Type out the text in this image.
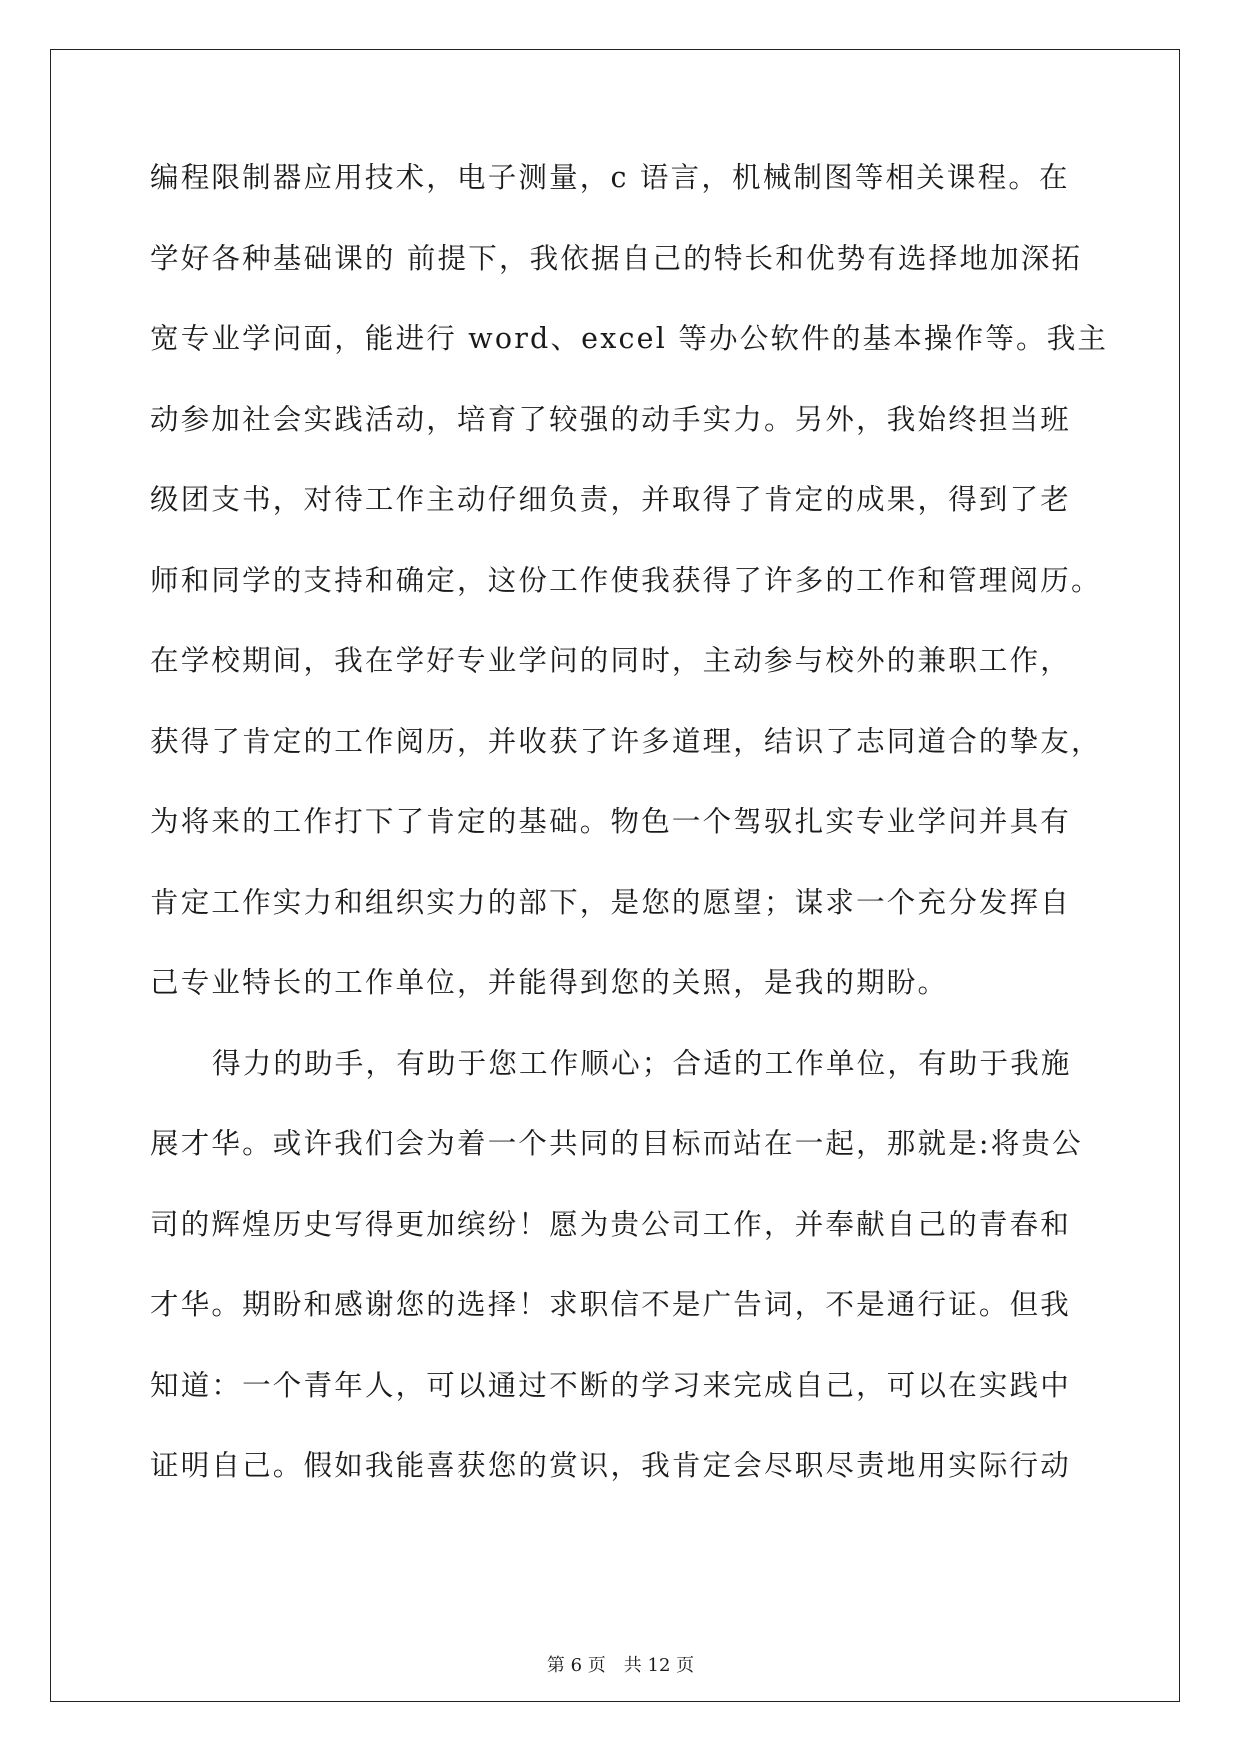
编程限制器应用技术，电子测量，c 语言，机械制图等相关课程。在
学好各种基础课的 前提下，我依据自己的特长和优势有选择地加深拓
宽专业学问面，能进行 word、excel 等办公软件的基本操作等。我主
动参加社会实践活动，培育了较强的动手实力。另外，我始终担当班
级团支书，对待工作主动仔细负责，并取得了肯定的成果，得到了老
师和同学的支持和确定，这份工作使我获得了许多的工作和管理阅历。
在学校期间，我在学好专业学问的同时，主动参与校外的兼职工作，
获得了肯定的工作阅历，并收获了许多道理，结识了志同道合的挚友，
为将来的工作打下了肯定的基础。物色一个驾驭扎实专业学问并具有
肯定工作实力和组织实力的部下，是您的愿望；谋求一个充分发挥自
己专业特长的工作单位，并能得到您的关照，是我的期盼。
得力的助手，有助于您工作顺心；合适的工作单位，有助于我施
展才华。或许我们会为着一个共同的目标而站在一起，那就是:将贵公
司的辉煌历史写得更加缤纷！愿为贵公司工作，并奉献自己的青春和
才华。期盼和感谢您的选择！求职信不是广告词，不是通行证。但我
知道：一个青年人，可以通过不断的学习来完成自己，可以在实践中
证明自己。假如我能喜获您的赏识，我肯定会尽职尽责地用实际行动
第 6 页 共 12 页
